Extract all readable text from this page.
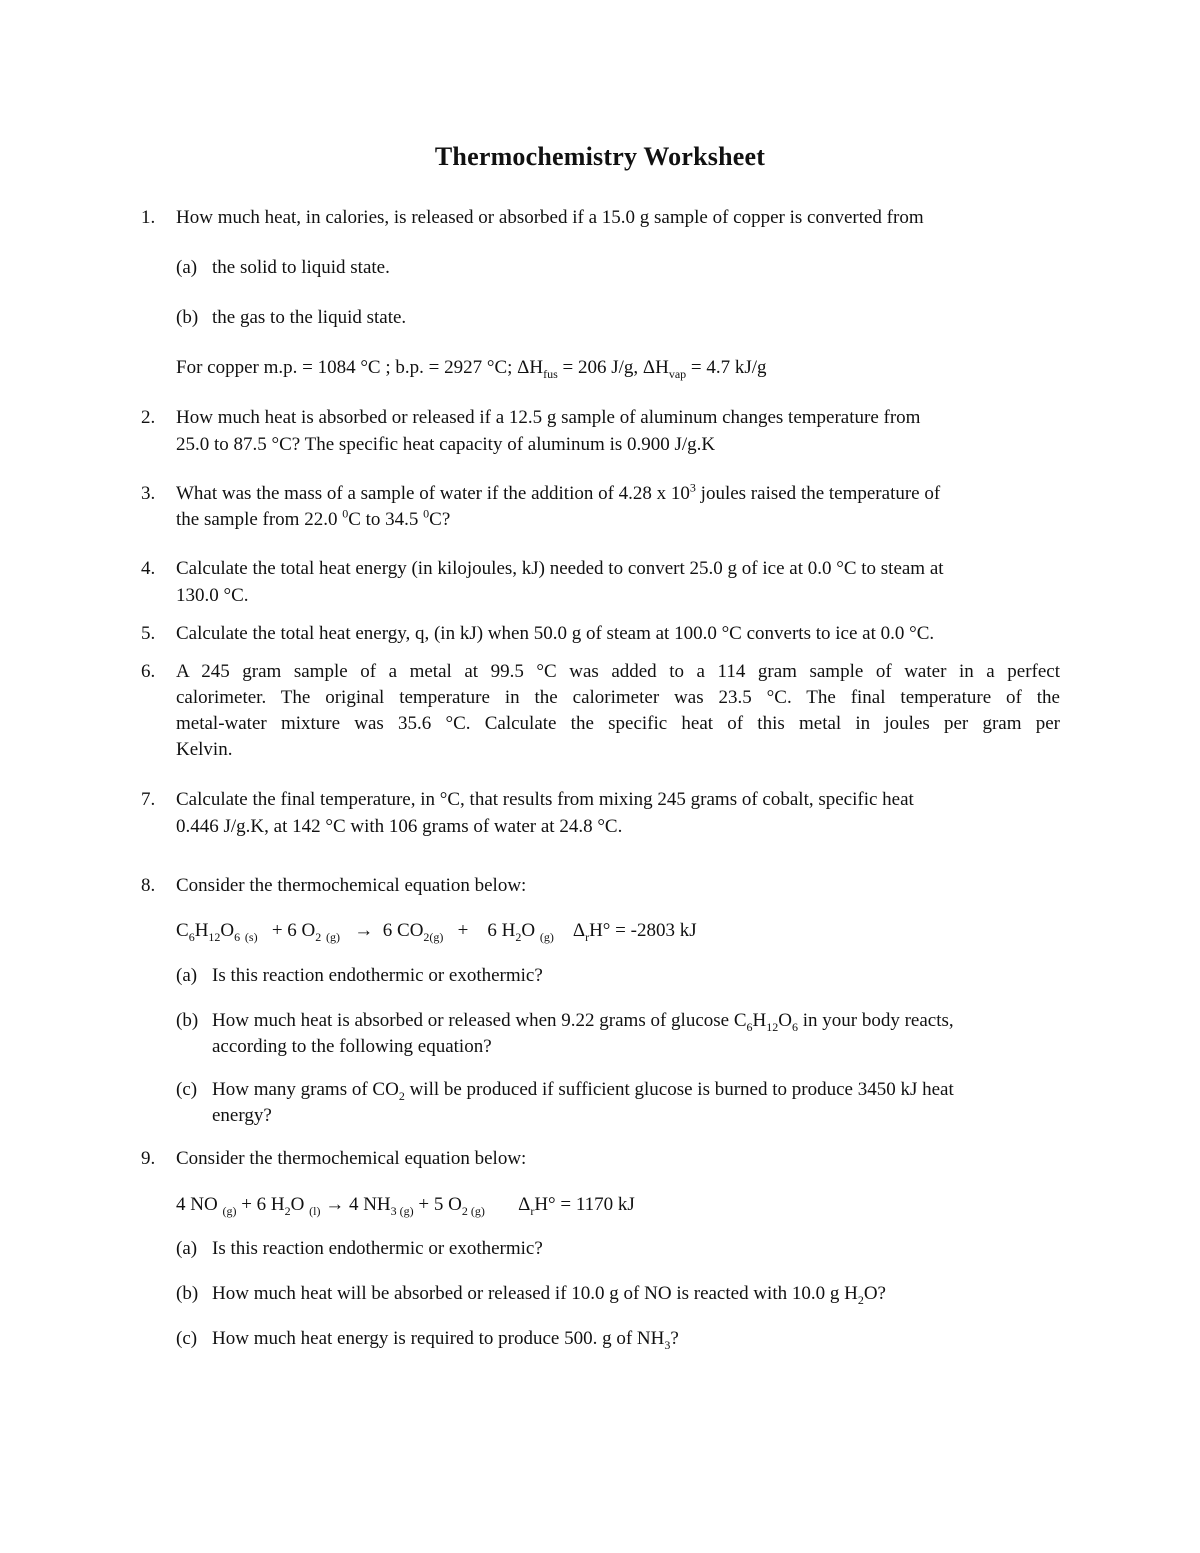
Thermochemistry Worksheet
1.	How much heat, in calories, is released or absorbed if a 15.0 g sample of copper is converted from
(a) the solid to liquid state.
(b) the gas to the liquid state.
For copper m.p. = 1084 °C ; b.p. = 2927 °C; $\Delta H_{fus} = 206$ J/g, $\Delta H_{vap} = 4.7$ kJ/g
2.	How much heat is absorbed or released if a 12.5 g sample of aluminum changes temperature from
25.0 to 87.5 °C? The specific heat capacity of aluminum is 0.900 J/g.K
3.	What was the mass of a sample of water if the addition of 4.28 x $10^3$ joules raised the temperature of
the sample from 22.0 $^0$C to 34.5 $^0$C?
4.	Calculate the total heat energy (in kilojoules, kJ) needed to convert 25.0 g of ice at 0.0 °C to steam at
130.0 °C.
5.	Calculate the total heat energy, q, (in kJ) when 50.0 g of steam at 100.0 °C converts to ice at 0.0 °C.
6.	A 245 gram sample of a metal at 99.5 °C was added to a 114 gram sample of water in a perfect
calorimeter. The original temperature in the calorimeter was 23.5 °C. The final temperature of the
metal-water mixture was 35.6 °C. Calculate the specific heat of this metal in joules per gram per
Kelvin.
7.	Calculate the final temperature, in °C, that results from mixing 245 grams of cobalt, specific heat
0.446 J/g.K, at 142 °C with 106 grams of water at 24.8 °C.
8.	Consider the thermochemical equation below:
$C_6H_{12}O_6$ $_{(s)}$ + 6 $O_2$ $_{(g)}$ → 6 $CO_{2(g)} + 6$ $H_2O$ $_{(g)}$ $\Delta_rH^\circ = -2803$ kJ
(a) Is this reaction endothermic or exothermic?
(b) How much heat is absorbed or released when 9.22 grams of glucose $C_6H_{12}O_6$ in your body reacts,
according to the following equation?
(c) How many grams of $CO_2$ will be produced if sufficient glucose is burned to produce 3450 kJ heat
energy?
9.	Consider the thermochemical equation below:
4 NO $_{(g)}$ + 6 $H_2O$ $_{(l)}$ → 4 $NH_3$ $_{(g)}$ + 5 $O_2$ $_{(g)}$ $\Delta_rH^\circ = 1170$ kJ
(a) Is this reaction endothermic or exothermic?
(b) How much heat will be absorbed or released if 10.0 g of NO is reacted with 10.0 g $H_2O$?
(c) How much heat energy is required to produce 500. g of $NH_3$?
